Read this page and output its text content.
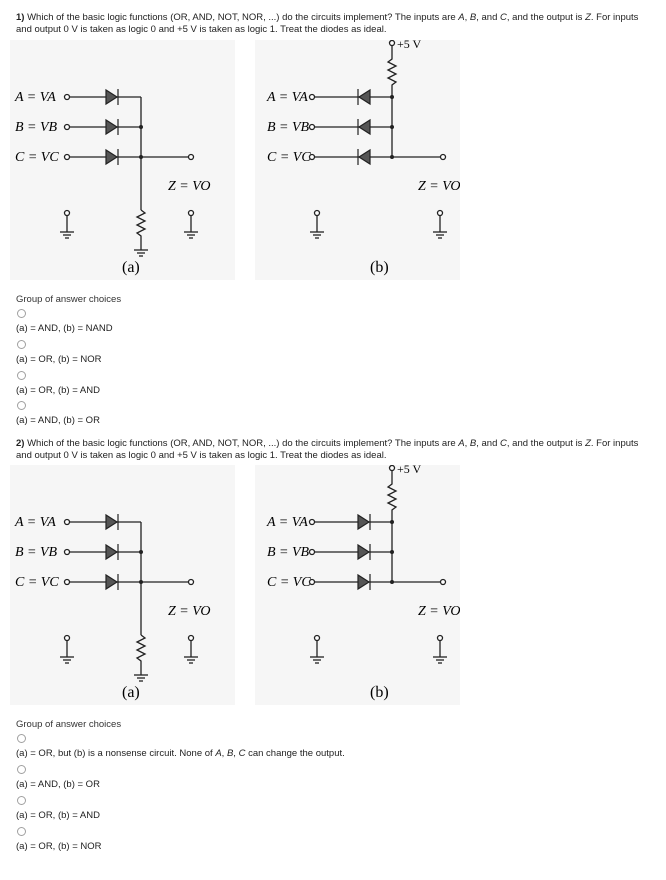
1) Which of the basic logic functions (OR, AND, NOT, NOR, ...) do the circuits implement? The inputs are A, B, and C, and the output is Z. For inputs and output 0 V is taken as logic 0 and +5 V is taken as logic 1. Treat the diodes as ideal.
A = VA
B = VB
C = VC
Z = VO
(a)
+5 V
A = VA
B = VB
C = VC
Z = VO
(b)
Group of answer choices
(a) = AND, (b) = NAND
(a) = OR, (b) = NOR
(a) = OR, (b) = AND
(a) = AND, (b) = OR
2) Which of the basic logic functions (OR, AND, NOT, NOR, ...) do the circuits implement? The inputs are A, B, and C, and the output is Z. For inputs and output 0 V is taken as logic 0 and +5 V is taken as logic 1. Treat the diodes as ideal.
A = VA
B = VB
C = VC
Z = VO
(a)
+5 V
A = VA
B = VB
C = VC
Z = VO
(b)
Group of answer choices
(a) = OR, but (b) is a nonsense circuit. None of A, B, C can change the output.
(a) = AND, (b) = OR
(a) = OR, (b) = AND
(a) = OR, (b) = NOR
